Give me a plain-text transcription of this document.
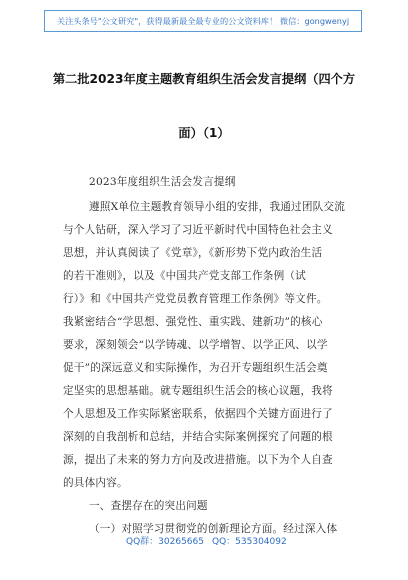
关注头条号"公文研究"，获得最新最全最专业的公文资料库！ 微信：gongwenyj
第二批2023年度主题教育组织生活会发言提纲（四个方
面）（1）
2023年度组织生活会发言提纲
遵照X单位主题教育领导小组的安排，我通过团队交流
与个人钻研，深入学习了习近平新时代中国特色社会主义
思想，并认真阅读了《党章》，《新形势下党内政治生活
的若干准则》，以及《中国共产党支部工作条例（试
行）》和《中国共产党党员教育管理工作条例》等文件。
我紧密结合“学思想、强党性、重实践、建新功”的核心
要求，深刻领会“以学铸魂、以学增智、以学正风、以学
促干”的深远意义和实际操作，为召开专题组织生活会奠
定坚实的思想基础。就专题组织生活会的核心议题，我将
个人思想及工作实际紧密联系，依据四个关键方面进行了
深刻的自我剖析和总结，并结合实际案例探究了问题的根
源，提出了未来的努力方向及改进措施。以下为个人自查
的具体内容。
一、查摆存在的突出问题
（一）对照学习贯彻党的创新理论方面。经过深入体
QQ群：30265665 QQ：535304092
